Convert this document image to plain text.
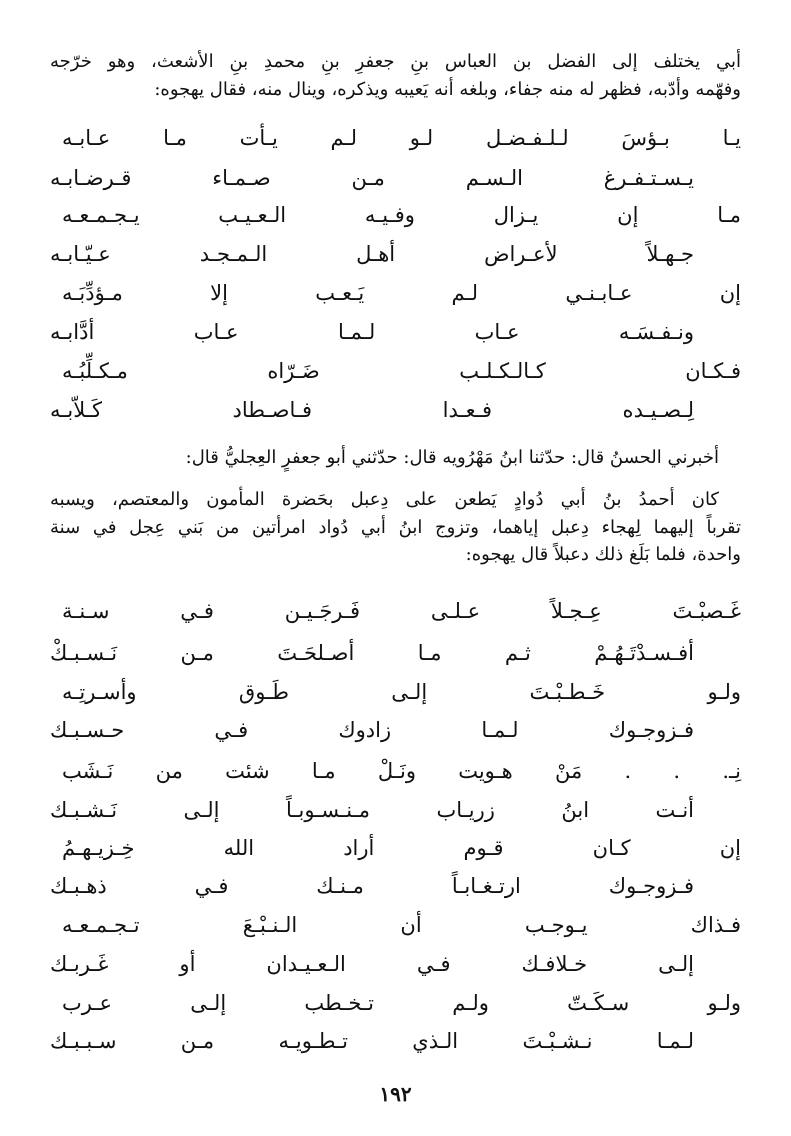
أبي يختلف إلى الفضل بن العباس بنِ جعفرِ بنِ محمدِ بنِ الأشعث، وهو خرّجه

وفهّمه وأدّبه، فظهر له منه جفاء، وبلغه أنه يَعيبه ويذكره، وينال منه، فقال يهجوه:

يـا بـؤسَ لـلـفـضـل لـو لـم يـأت مـا عـابـه

يـسـتـفـرغ الـسـم مـن صـمـاء قـرضـابـه

مـا إن يـزال وفـيـه الـعـيـب يـجـمـعـه

جـهـلاً لأعـراض أهـل الـمـجـد عـيّـابـه

إن عـابـنـي لـم يَـعـب إلا مـؤدِّبَـه

ونـفـسَـه عـاب لـمـا عـاب أدَّابـه

فـكـان كـالـكـلـب ضَـرّاه مـكـلِّبُـه

لِـصـيـده فـعـدا فـاصـطاد كَـلاّبـه

أخبرني الحسنُ قال: حدّثنا ابنُ مَهْرُويه قال: حدّثني أبو جعفرٍ العِجليُّ قال:

كان أحمدُ بنُ أبي دُوادٍ يَطعن على دِعبل بحَضرة المأمون والمعتصم، ويسبه

تقرباً إليهما لِهجاء دِعبل إياهما، وتزوج ابنُ أبي دُواد امرأتين من بَني عِجل في سنة

واحدة، فلما بَلَغ ذلك دعبلاً قال يهجوه:

غَـصبْـتَ عِـجـلاً عـلـى فَـرجَـيـن فـي سـنـة

أفـسـدْتَـهُـمْ ثـم مـا أصـلحَـتَ مـن نَـسـبـكْ

ولـو خَـطـبْـتَ إلـى طَـوق وأسـرتِـه

فـزوجـوك لـمـا زادوك فـي حـسـبـك

نِـ. . . مَنْ هـويت ونَـلْ مـا شئت من نَـشَب

أنـت ابنُ زريـاب مـنـسـوبـاً إلـى نَـشـبـك

إن كـان قـوم أراد الله خِـزيـهـمُ

فـزوجـوك ارتـغـابـاً مـنـك فـي ذهـبـك

فـذاك يـوجـب أن الـنـبْـعَ تـجـمـعـه

إلـى خـلافـك فـي الـعـيـدان أو غَـربـك

ولـو سـكَـتّ ولـم تـخـطب إلـى عـرب

لـمـا نـشـبْـتَ الـذي تـطـويـه مـن سـبـبـك

١٩٢
